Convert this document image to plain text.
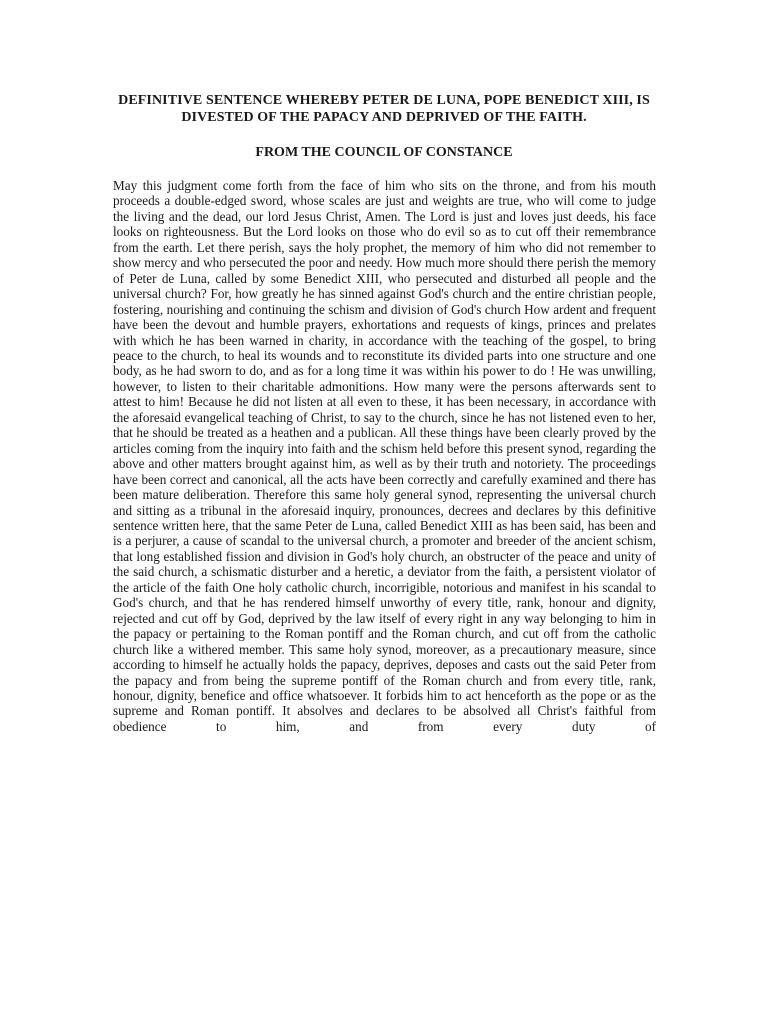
DEFINITIVE SENTENCE WHEREBY PETER DE LUNA, POPE BENEDICT XIII, IS DIVESTED OF THE PAPACY AND DEPRIVED OF THE FAITH.
FROM THE COUNCIL OF CONSTANCE

May this judgment come forth from the face of him who sits on the throne, and from his mouth proceeds a double-edged sword, whose scales are just and weights are true, who will come to judge the living and the dead, our lord Jesus Christ, Amen. The Lord is just and loves just deeds, his face looks on righteousness. But the Lord looks on those who do evil so as to cut off their remembrance from the earth. Let there perish, says the holy prophet, the memory of him who did not remember to show mercy and who persecuted the poor and needy. How much more should there perish the memory of Peter de Luna, called by some Benedict XIII, who persecuted and disturbed all people and the universal church? For, how greatly he has sinned against God's church and the entire christian people, fostering, nourishing and continuing the schism and division of God's church How ardent and frequent have been the devout and humble prayers, exhortations and requests of kings, princes and prelates with which he has been warned in charity, in accordance with the teaching of the gospel, to bring peace to the church, to heal its wounds and to reconstitute its divided parts into one structure and one body, as he had sworn to do, and as for a long time it was within his power to do ! He was unwilling, however, to listen to their charitable admonitions. How many were the persons afterwards sent to attest to him! Because he did not listen at all even to these, it has been necessary, in accordance with the aforesaid evangelical teaching of Christ, to say to the church, since he has not listened even to her, that he should be treated as a heathen and a publican. All these things have been clearly proved by the articles coming from the inquiry into faith and the schism held before this present synod, regarding the above and other matters brought against him, as well as by their truth and notoriety. The proceedings have been correct and canonical, all the acts have been correctly and carefully examined and there has been mature deliberation. Therefore this same holy general synod, representing the universal church and sitting as a tribunal in the aforesaid inquiry, pronounces, decrees and declares by this definitive sentence written here, that the same Peter de Luna, called Benedict XIII as has been said, has been and is a perjurer, a cause of scandal to the universal church, a promoter and breeder of the ancient schism, that long established fission and division in God's holy church, an obstructer of the peace and unity of the said church, a schismatic disturber and a heretic, a deviator from the faith, a persistent violator of the article of the faith One holy catholic church, incorrigible, notorious and manifest in his scandal to God's church, and that he has rendered himself unworthy of every title, rank, honour and dignity, rejected and cut off by God, deprived by the law itself of every right in any way belonging to him in the papacy or pertaining to the Roman pontiff and the Roman church, and cut off from the catholic church like a withered member. This same holy synod, moreover, as a precautionary measure, since according to himself he actually holds the papacy, deprives, deposes and casts out the said Peter from the papacy and from being the supreme pontiff of the Roman church and from every title, rank, honour, dignity, benefice and office whatsoever. It forbids him to act henceforth as the pope or as the supreme and Roman pontiff. It absolves and declares to be absolved all Christ's faithful from obedience to him, and from every duty of
